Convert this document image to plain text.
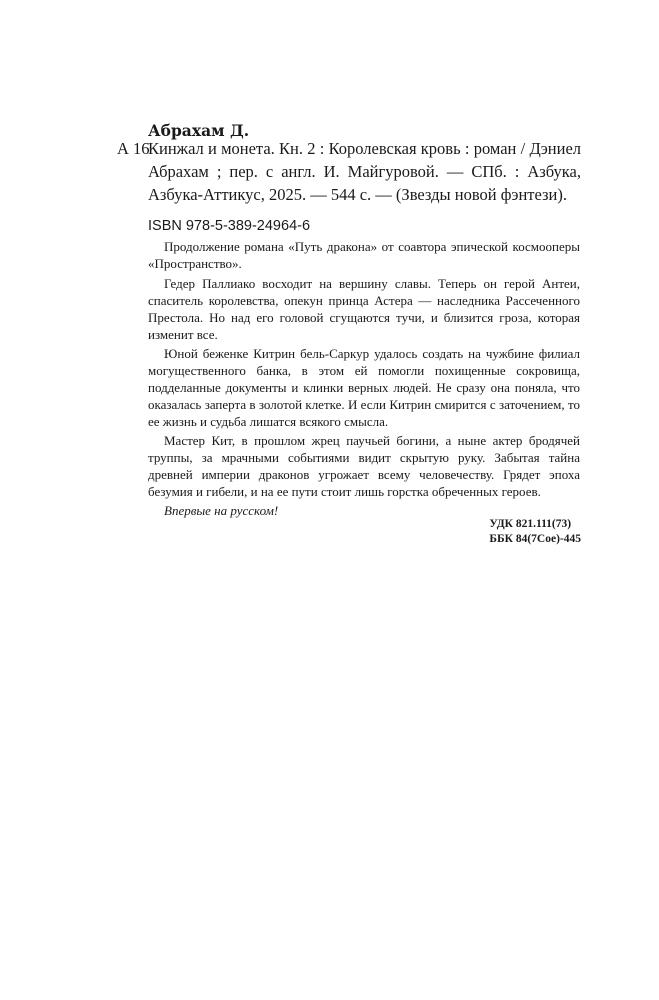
Абрахам Д.
А 16
Кинжал и монета. Кн. 2 : Королевская кровь : роман / Дэниел Абрахам ; пер. с англ. И. Майгуровой. — СПб. : Азбука, Азбука-Аттикус, 2025. — 544 с. — (Звезды новой фэнтези).
ISBN 978-5-389-24964-6

Продолжение романа «Путь дракона» от соавтора эпической космооперы «Пространство».

Гедер Паллиако восходит на вершину славы. Теперь он герой Антеи, спаситель королевства, опекун принца Астера — наследника Рассеченного Престола. Но над его головой сгущаются тучи, и близится гроза, которая изменит все.

Юной беженке Китрин бель-Саркур удалось создать на чужбине филиал могущественного банка, в этом ей помогли похищенные сокровища, подделанные документы и клинки верных людей. Не сразу она поняла, что оказалась заперта в золотой клетке. И если Китрин смирится с заточением, то ее жизнь и судьба лишатся всякого смысла.

Мастер Кит, в прошлом жрец паучьей богини, а ныне актер бродячей труппы, за мрачными событиями видит скрытую руку. Забытая тайна древней империи драконов угрожает всему человечеству. Грядет эпоха безумия и гибели, и на ее пути стоит лишь горстка обреченных героев.

Впервые на русском!

УДК 821.111(73)
ББК 84(7Сое)-445
